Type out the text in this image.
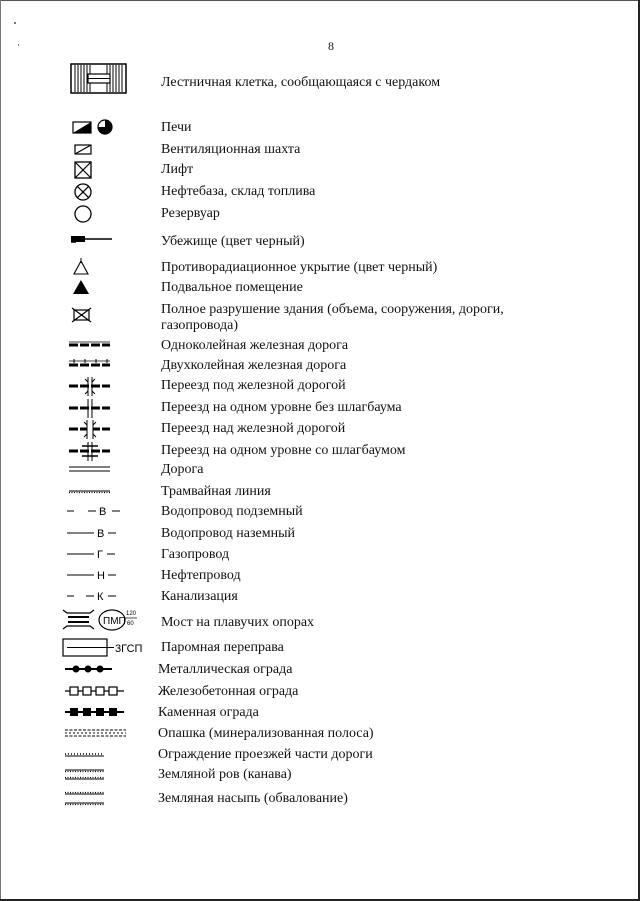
8
Лестничная клетка, сообщающаяся с чердаком
Печи
Вентиляционная шахта
Лифт
Нефтебаза, склад топлива
Резервуар
Убежище (цвет черный)
Противорадиационное укрытие (цвет черный)
Подвальное помещение
Полное разрушение здания (объема, сооружения, дороги, газопровода)
Одноколейная железная дорога
Двухколейная железная дорога
Переезд под железной дорогой
Переезд на одном уровне без шлагбаума
Переезд над железной дорогой
Переезд на одном уровне со шлагбаумом
Дорога
Трамвайная линия
В	Водопровод подземный
В	Водопровод наземный
Г	Газопровод
Н	Нефтепровод
К	Канализация
ПМП
120
60 Мост на плавучих опорах
3ГСП Паромная переправа
Металлическая ограда
Железобетонная ограда
Каменная ограда
Опашка (минерализованная полоса)
Ограждение проезжей части дороги
Земляной ров (канава)
Земляная насыпь (обвалование)
